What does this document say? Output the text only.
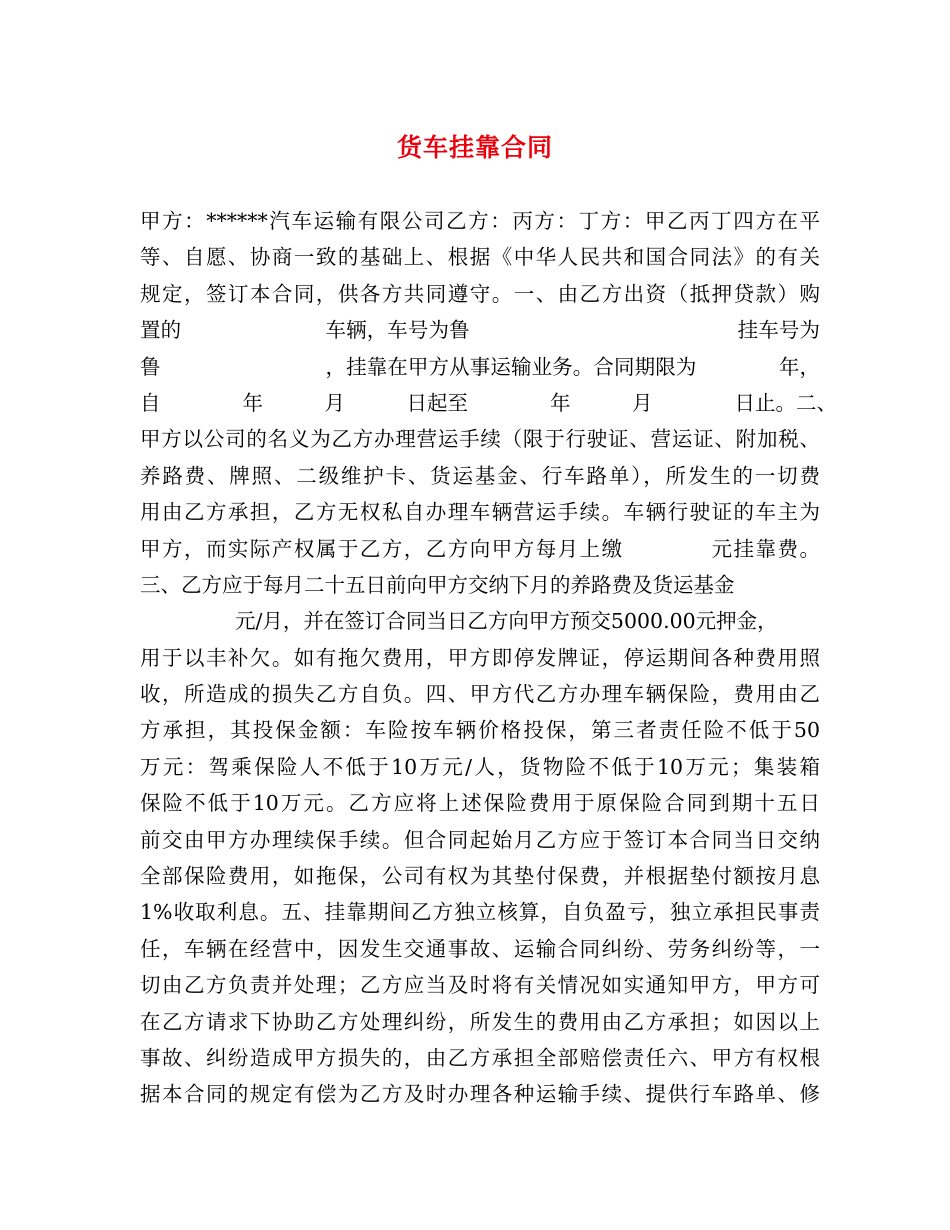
货车挂靠合同
甲方：******汽车运输有限公司乙方：丙方：丁方：甲乙丙丁四方在平
等、自愿、协商一致的基础上、根据《中华人民共和国合同法》的有关
规定，签订本合同，供各方共同遵守。一、由乙方出资（抵押贷款）购
置的　　　　　　　车辆，车号为鲁　　　　　　　　　　　　　挂车号为
鲁　　　　　　　　，挂靠在甲方从事运输业务。合同期限为　　　　年，
自　　　　年　　　月　　　日起至　　　　年　　　月　　　　日止。二、
甲方以公司的名义为乙方办理营运手续（限于行驶证、营运证、附加税、
养路费、牌照、二级维护卡、货运基金、行车路单），所发生的一切费
用由乙方承担，乙方无权私自办理车辆营运手续。车辆行驶证的车主为
甲方，而实际产权属于乙方，乙方向甲方每月上缴　　　　元挂靠费。
三、乙方应于每月二十五日前向甲方交纳下月的养路费及货运基金
元/月，并在签订合同当日乙方向甲方预交5000.00元押金，
用于以丰补欠。如有拖欠费用，甲方即停发牌证，停运期间各种费用照
收，所造成的损失乙方自负。四、甲方代乙方办理车辆保险，费用由乙
方承担，其投保金额：车险按车辆价格投保，第三者责任险不低于50
万元：驾乘保险人不低于10万元/人，货物险不低于10万元；集装箱
保险不低于10万元。乙方应将上述保险费用于原保险合同到期十五日
前交由甲方办理续保手续。但合同起始月乙方应于签订本合同当日交纳
全部保险费用，如拖保，公司有权为其垫付保费，并根据垫付额按月息
1%收取利息。五、挂靠期间乙方独立核算，自负盈亏，独立承担民事责
任，车辆在经营中，因发生交通事故、运输合同纠纷、劳务纠纷等，一
切由乙方负责并处理；乙方应当及时将有关情况如实通知甲方，甲方可
在乙方请求下协助乙方处理纠纷，所发生的费用由乙方承担；如因以上
事故、纠纷造成甲方损失的，由乙方承担全部赔偿责任六、甲方有权根
据本合同的规定有偿为乙方及时办理各种运输手续、提供行车路单、修
